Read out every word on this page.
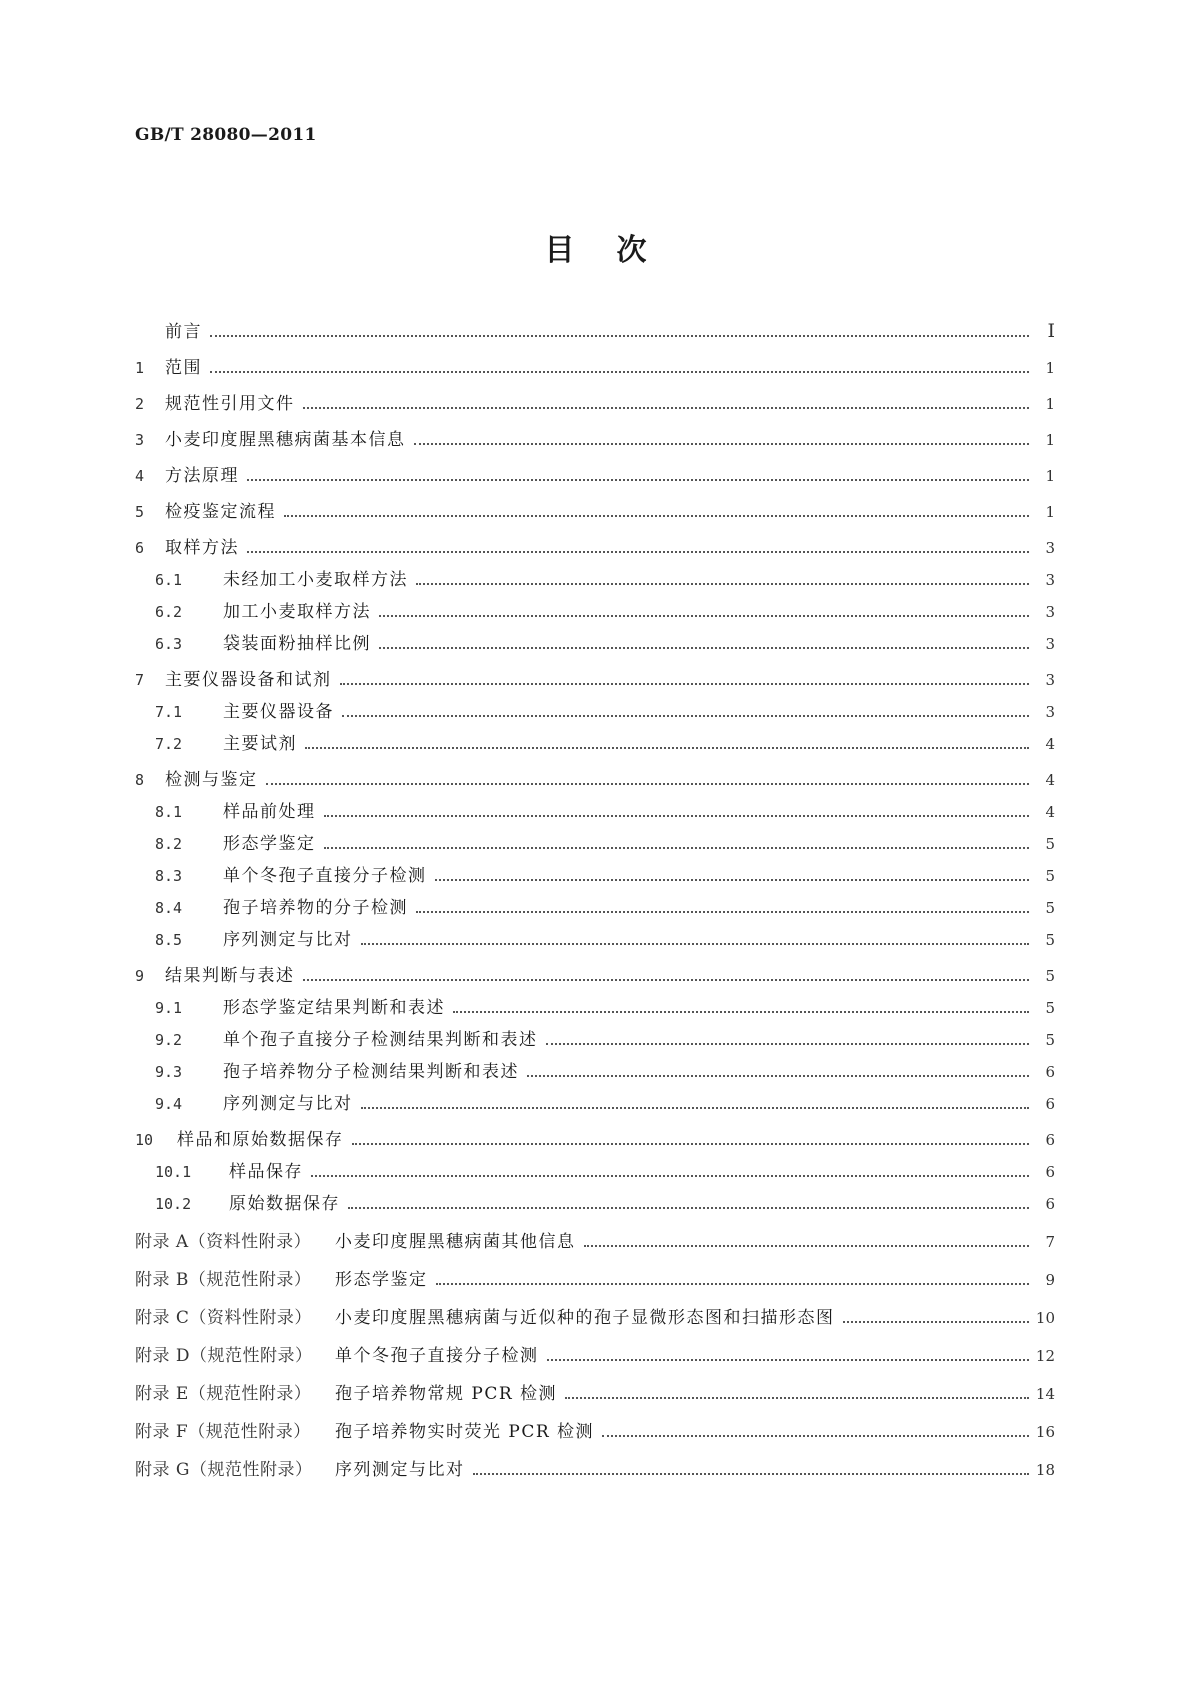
GB/T 28080—2011

目次
前言	Ⅰ
1	范围	1
2	规范性引用文件	1
3	小麦印度腥黑穗病菌基本信息	1
4	方法原理	1
5	检疫鉴定流程	1
6	取样方法	3
6.1	未经加工小麦取样方法	3
6.2	加工小麦取样方法	3
6.3	袋装面粉抽样比例	3
7	主要仪器设备和试剂	3
7.1	主要仪器设备	3
7.2	主要试剂	4
8	检测与鉴定	4
8.1	样品前处理	4
8.2	形态学鉴定	5
8.3	单个冬孢子直接分子检测	5
8.4	孢子培养物的分子检测	5
8.5	序列测定与比对	5
9	结果判断与表述	5
9.1	形态学鉴定结果判断和表述	5
9.2	单个孢子直接分子检测结果判断和表述	5
9.3	孢子培养物分子检测结果判断和表述	6
9.4	序列测定与比对	6
10	样品和原始数据保存	6
10.1	样品保存	6
10.2	原始数据保存	6
附录 A（资料性附录）	小麦印度腥黑穗病菌其他信息	7
附录 B（规范性附录）	形态学鉴定	9
附录 C（资料性附录）	小麦印度腥黑穗病菌与近似种的孢子显微形态图和扫描形态图	10
附录 D（规范性附录）	单个冬孢子直接分子检测	12
附录 E（规范性附录）	孢子培养物常规 PCR 检测	14
附录 F（规范性附录）	孢子培养物实时荧光 PCR 检测	16
附录 G（规范性附录）	序列测定与比对	18
